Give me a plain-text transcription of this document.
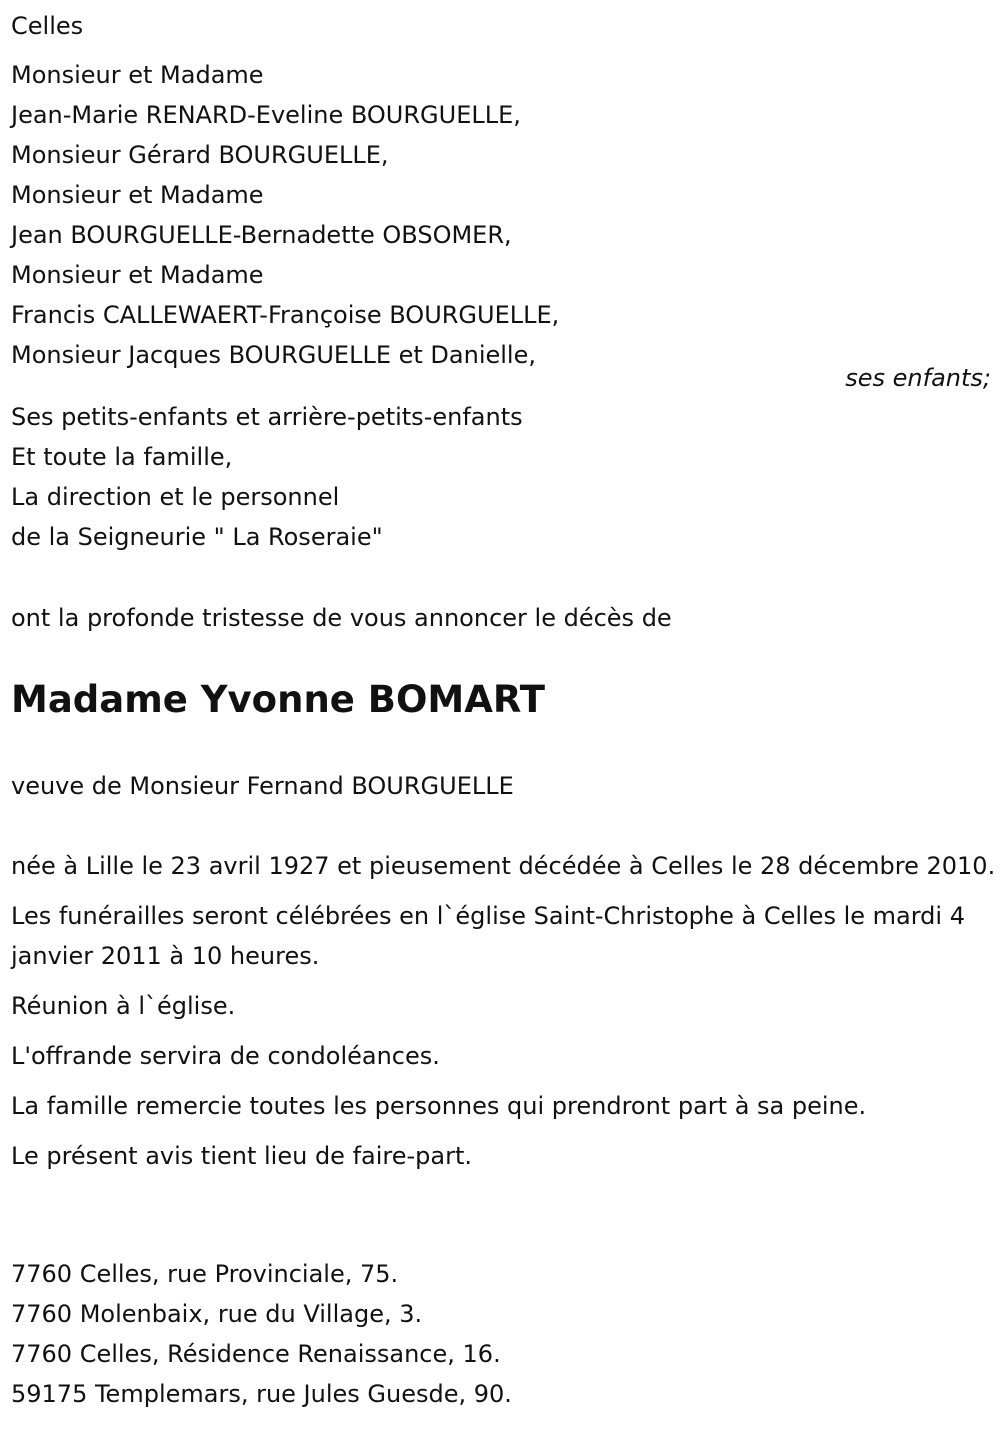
Celles

Monsieur et Madame

Jean-Marie RENARD-Eveline BOURGUELLE,

Monsieur Gérard BOURGUELLE,

Monsieur et Madame

Jean BOURGUELLE-Bernadette OBSOMER,

Monsieur et Madame

Francis CALLEWAERT-Françoise BOURGUELLE,

Monsieur Jacques BOURGUELLE et Danielle,

ses enfants;

Ses petits-enfants et arrière-petits-enfants

Et toute la famille,

La direction et le personnel

de la Seigneurie " La Roseraie"

ont la profonde tristesse de vous annoncer le décès de

Madame Yvonne BOMART

veuve de Monsieur Fernand BOURGUELLE

née à Lille le 23 avril 1927 et pieusement décédée à Celles le 28 décembre 2010.

Les funérailles seront célébrées en l`église Saint-Christophe à Celles le mardi 4 janvier 2011 à 10 heures.

Réunion à l`église.

L'offrande servira de condoléances.

La famille remercie toutes les personnes qui prendront part à sa peine.

Le présent avis tient lieu de faire-part.

7760 Celles, rue Provinciale, 75.

7760 Molenbaix, rue du Village, 3.

7760 Celles, Résidence Renaissance, 16.

59175 Templemars, rue Jules Guesde, 90.
